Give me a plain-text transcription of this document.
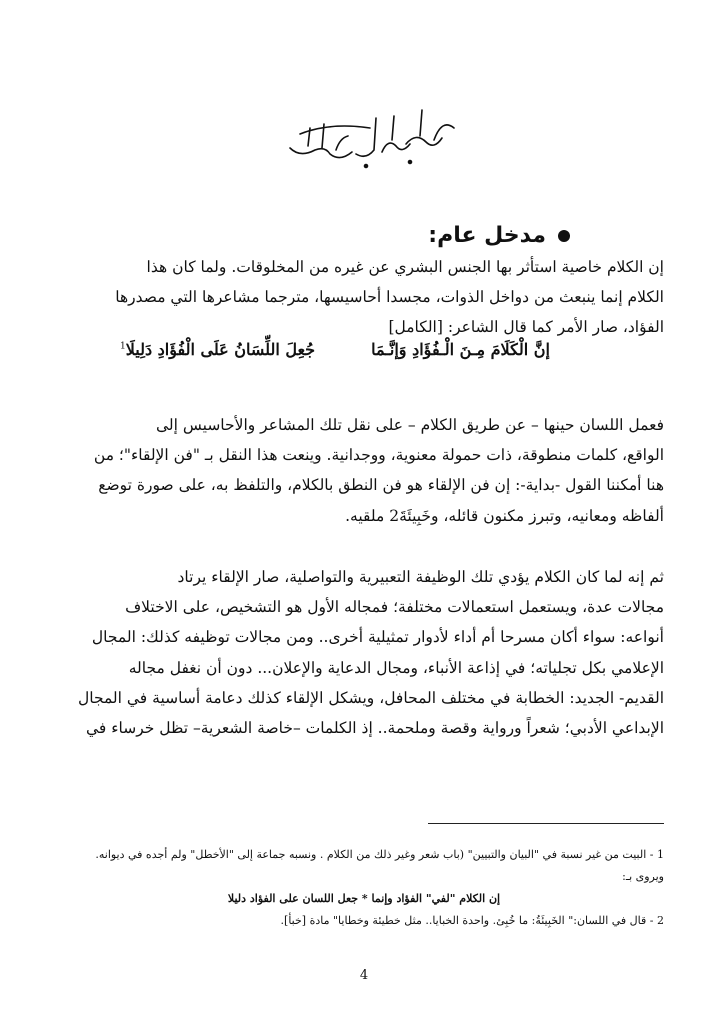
مدخل عام:
إن الكلام خاصية استأثر بها الجنس البشري عن غيره من المخلوقات. ولما كان هذا
الكلام إنما ينبعث من دواخل الذوات، مجسدا أحاسيسها، مترجما مشاعرها التي مصدرها
الفؤاد، صار الأمر كما قال الشاعر: [الكامل]
إنَّ الْكَلَامَ مِـنَ الْـفُؤَادِ وَإنَّـمَا
جُعِلَ اللِّسَانُ عَلَى الْفُؤَادِ دَلِيلَا$^1$
فعمل اللسان حينها – عن طريق الكلام – على نقل تلك المشاعر والأحاسيس إلى
الواقع، كلمات منطوقة، ذات حمولة معنوية، ووجدانية. وينعت هذا النقل بـ "فن الإلقاء"؛ من
هنا أمكننا القول -بداية-: إن فن الإلقاء هو فن النطق بالكلام، والتلفظ به، على صورة توضع
ألفاظه ومعانيه، وتبرز مكنون قائله، وخَبِيئَةَ2 ملقيه.
ثم إنه لما كان الكلام يؤدي تلك الوظيفة التعبيرية والتواصلية، صار الإلقاء يرتاد
مجالات عدة، ويستعمل استعمالات مختلفة؛ فمجاله الأول هو التشخيص، على الاختلاف
أنواعه: سواء أكان مسرحا أم أداء لأدوار تمثيلية أخرى.. ومن مجالات توظيفه كذلك: المجال
الإعلامي بكل تجلياته؛ في إذاعة الأنباء، ومجال الدعاية والإعلان... دون أن نغفل مجاله
القديم- الجديد: الخطابة في مختلف المحافل، ويشكل الإلقاء كذلك دعامة أساسية في المجال
الإبداعي الأدبي؛ شعراً ورواية وقصة وملحمة.. إذ الكلمات –خاصة الشعرية– تظل خرساء في
1 - البيت من غير نسبة في "البيان والتبيين" (باب شعر وغير ذلك من الكلام . ونسبه جماعة إلى "الأخطل" ولم أجده في ديوانه.
ويروى بـ:
إن الكلام "لفي" الفؤاد وإنما * جعل اللسان على الفؤاد دليلا
2 - قال في اللسان:" الخَبِيئَةُ: ما خُبِئ. واحدة الخبايا.. مثل خطيئة وخطايا" مادة [خبأ].
4
